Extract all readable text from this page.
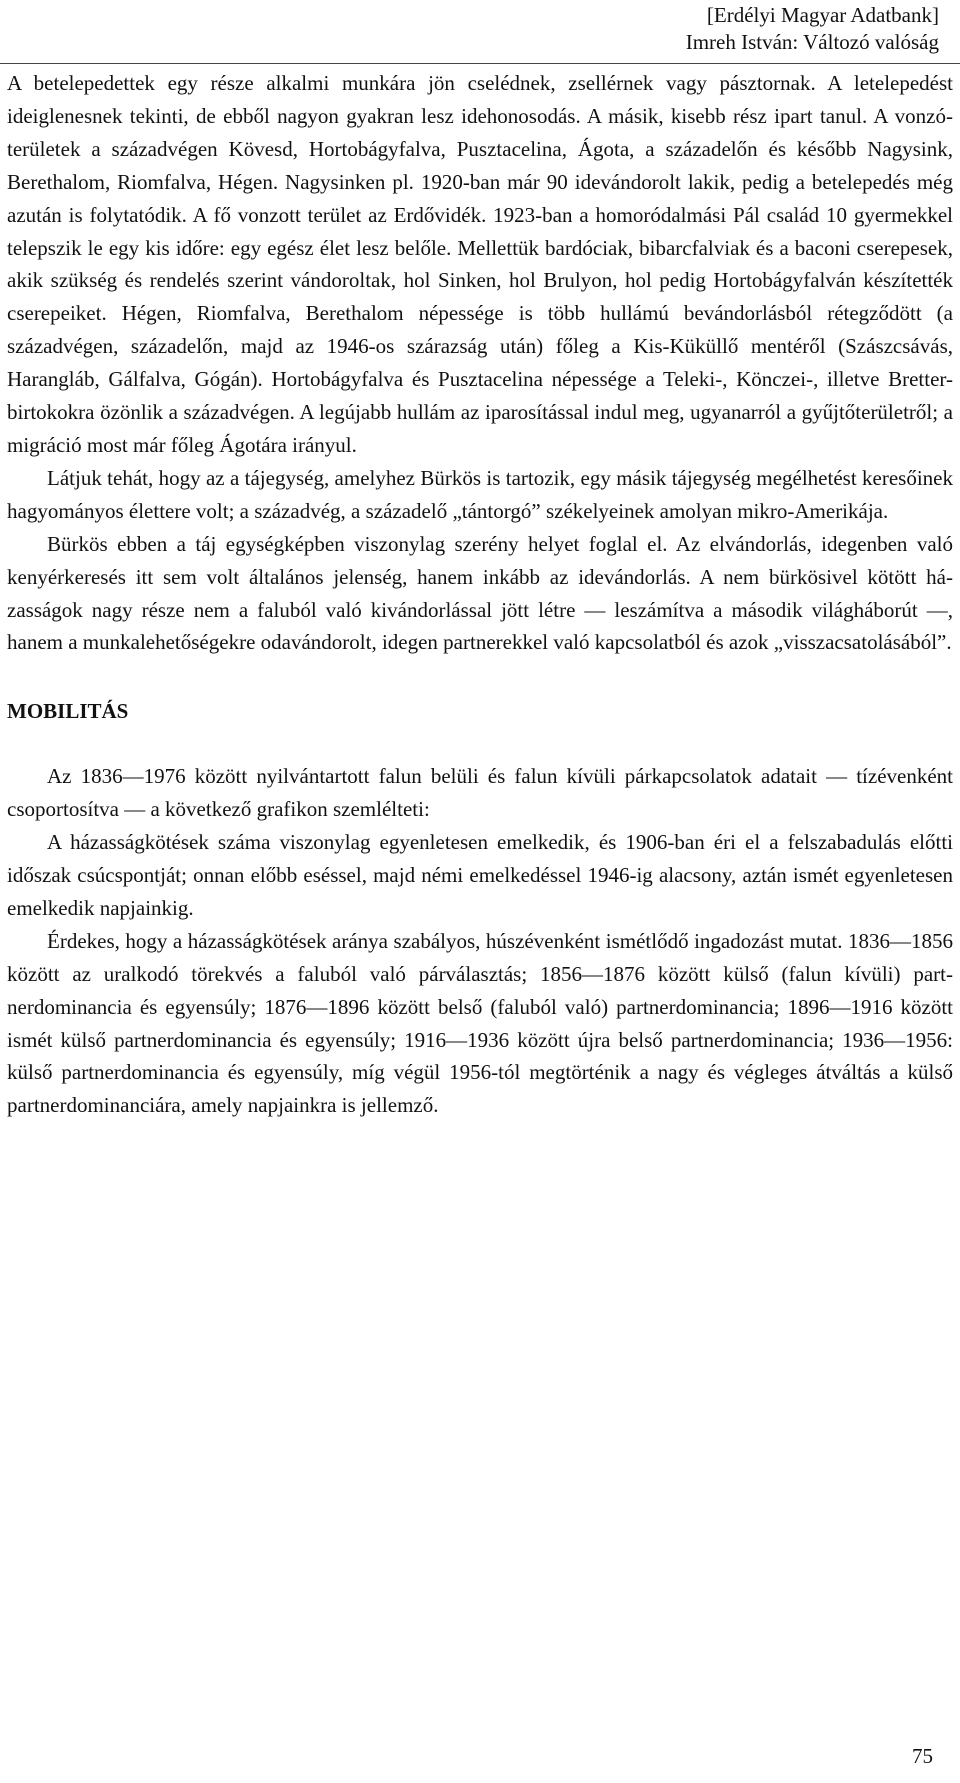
[Erdélyi Magyar Adatbank]
Imreh István: Változó valóság

A betelepedettek egy része alkalmi munkára jön cselédnek, zsellérnek vagy pásztornak. A letelepedést ideiglenesnek tekinti, de ebből nagyon gyakran lesz idehonosodás. A másik, kisebb rész ipart tanul. A vonzóterületek a századvégen Kövesd, Hortobágyfalva, Pusztacelina, Ágota, a századelőn és később Nagysink, Berethalom, Riomfalva, Hégen. Nagysinken pl. 1920-ban már 90 idevándorolt lakik, pedig a betelepedés még azután is folytatódik. A fő vonzott terület az Erdővidék. 1923-ban a homoródalmási Pál család 10 gyermekkel telepszik le egy kis időre: egy egész élet lesz belőle. Mellettük bardóciak, bibarcfalviak és a baconi cserepesek, akik szükség és rendelés szerint vándoroltak, hol Sinken, hol Brulyon, hol pedig Hortobágyfalván készítették cserepeiket. Hégen, Riomfalva, Berethalom népessége is több hullámú bevándorlásból rétegződött (a századvégen, századelőn, majd az 1946-os szárazság után) főleg a Kis-Küküllő mentéről (Szászcsávás, Harangláb, Gálfalva, Gógán). Hortobágyfalva és Pusztacelina népessége a Teleki-, Könczei-, illetve Bretter-birtokokra özönlik a századvégen. A legújabb hullám az iparosítással indul meg, ugyanarról a gyűjtőterületről; a migráció most már főleg Ágotára irányul.

Látjuk tehát, hogy az a tájegység, amelyhez Bürkös is tartozik, egy másik tájegység megélhetést keresőinek hagyományos élettere volt; a századvég, a századelő „tántorgó” székelyeinek amolyan mikro-Amerikája.

Bürkös ebben a táj egységképben viszonylag szerény helyet foglal el. Az elvándorlás, idegenben való kenyérkeresés itt sem volt általános jelenség, hanem inkább az idevándorlás. A nem bürkösivel kötött házasságok nagy része nem a faluból való kivándorlással jött létre — leszámítva a második világháborút —, hanem a munkalehetőségekre odavándorolt, idegen partnerekkel való kapcsolatból és azok „visszacsatolásából”.

MOBILITÁS

Az 1836—1976 között nyilvántartott falun belüli és falun kívüli párkapcsolatok adatait — tízévenként csoportosítva — a következő grafikon szemlélteti:

A házasságkötések száma viszonylag egyenletesen emelkedik, és 1906-ban éri el a felszabadulás előtti időszak csúcspontját; onnan előbb eséssel, majd némi emelkedéssel 1946-ig alacsony, aztán ismét egyenletesen emelkedik napjainkig.

Érdekes, hogy a házasságkötések aránya szabályos, húszévenként ismétlődő ingadozást mutat. 1836—1856 között az uralkodó törekvés a faluból való párválasztás; 1856—1876 között külső (falun kívüli) partnerdominancia és egyensúly; 1876—1896 között belső (faluból való) partnerdominancia; 1896—1916 között ismét külső partnerdominancia és egyensúly; 1916—1936 között újra belső partnerdominancia; 1936—1956: külső partnerdominancia és egyensúly, míg végül 1956-tól megtörténik a nagy és végleges átváltás a külső partnerdominanciára, amely napjainkra is jellemző.

75
